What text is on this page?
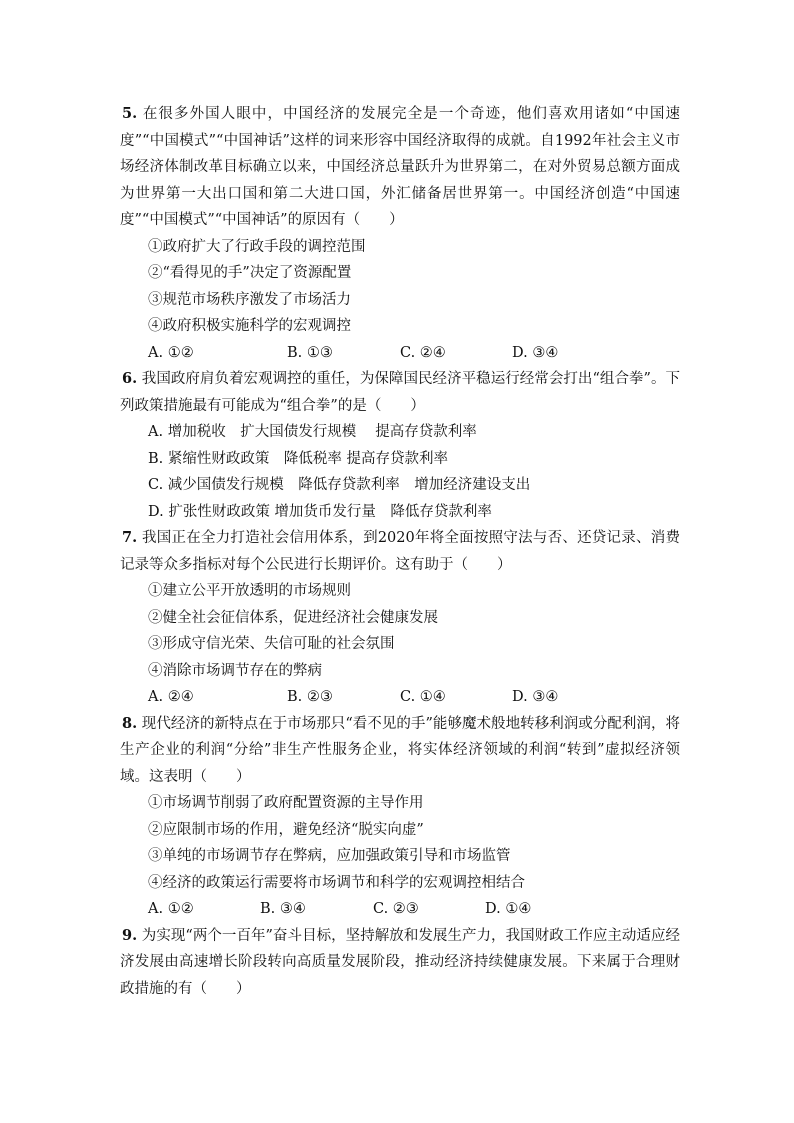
5. 在很多外国人眼中，中国经济的发展完全是一个奇迹，他们喜欢用诸如“中国速度”“中国模式”“中国神话”这样的词来形容中国经济取得的成就。自1992年社会主义市场经济体制改革目标确立以来，中国经济总量跃升为世界第二，在对外贸易总额方面成为世界第一大出口国和第二大进口国，外汇储备居世界第一。中国经济创造“中国速度”“中国模式”“中国神话”的原因有（　　）

①政府扩大了行政手段的调控范围
②“看得见的手”决定了资源配置
③规范市场秩序激发了市场活力
④政府积极实施科学的宏观调控
A. ①②	B. ①③	C. ②④	D. ③④

6. 我国政府肩负着宏观调控的重任，为保障国民经济平稳运行经常会打出“组合拳”。下列政策措施最有可能成为“组合拳”的是（　　）

A. 增加税收　扩大国债发行规模　 提高存贷款利率
B. 紧缩性财政政策　降低税率 提高存贷款利率
C. 减少国债发行规模　降低存贷款利率　增加经济建设支出
D. 扩张性财政政策 增加货币发行量　降低存贷款利率

7. 我国正在全力打造社会信用体系，到2020年将全面按照守法与否、还贷记录、消费记录等众多指标对每个公民进行长期评价。这有助于（　　）

①建立公平开放透明的市场规则
②健全社会征信体系，促进经济社会健康发展
③形成守信光荣、失信可耻的社会氛围
④消除市场调节存在的弊病
A. ②④	B. ②③	C. ①④	D. ③④

8. 现代经济的新特点在于市场那只“看不见的手”能够魔术般地转移利润或分配利润，将生产企业的利润“分给”非生产性服务企业，将实体经济领域的利润“转到”虚拟经济领域。这表明（　　）

①市场调节削弱了政府配置资源的主导作用
②应限制市场的作用，避免经济“脱实向虚”
③单纯的市场调节存在弊病，应加强政策引导和市场监管
④经济的政策运行需要将市场调节和科学的宏观调控相结合
A. ①②	B. ③④	C. ②③	D. ①④

9. 为实现“两个一百年”奋斗目标，坚持解放和发展生产力，我国财政工作应主动适应经济发展由高速增长阶段转向高质量发展阶段，推动经济持续健康发展。下来属于合理财政措施的有（　　）
